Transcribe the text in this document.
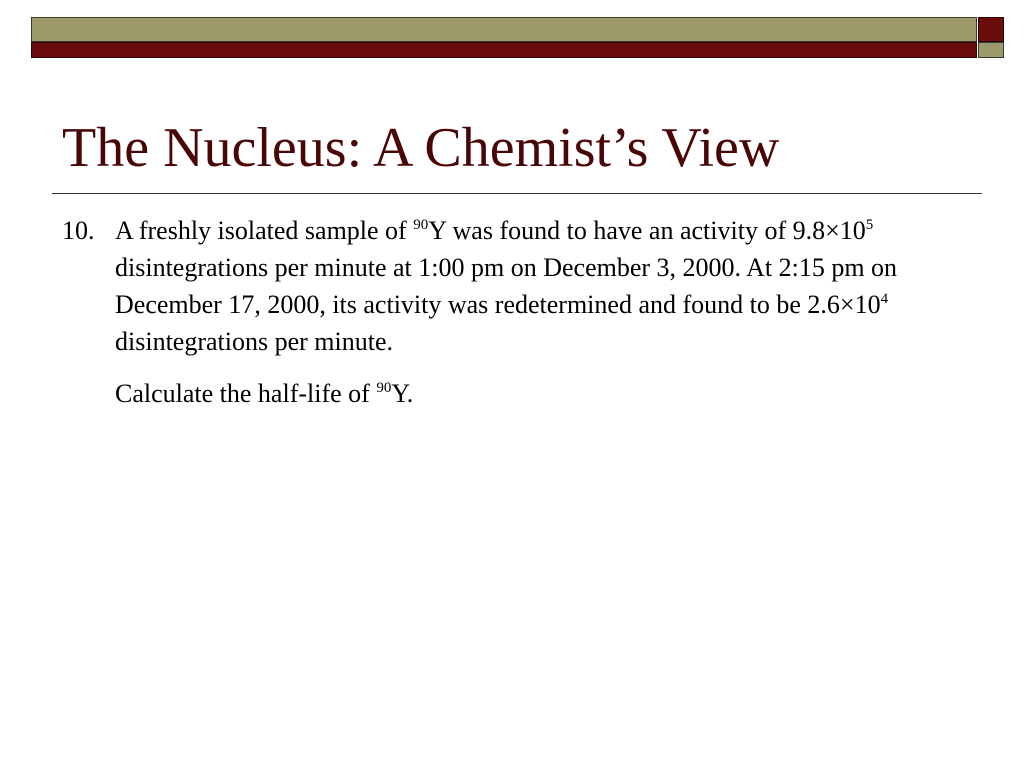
The Nucleus: A Chemist’s View
10. A freshly isolated sample of $^{90}$Y was found to have an activity of $9.8\times 10^5$ disintegrations per minute at 1:00 pm on December 3, 2000. At 2:15 pm on December 17, 2000, its activity was redetermined and found to be $2.6\times 10^4$ disintegrations per minute.

Calculate the half-life of $^{90}$Y.
